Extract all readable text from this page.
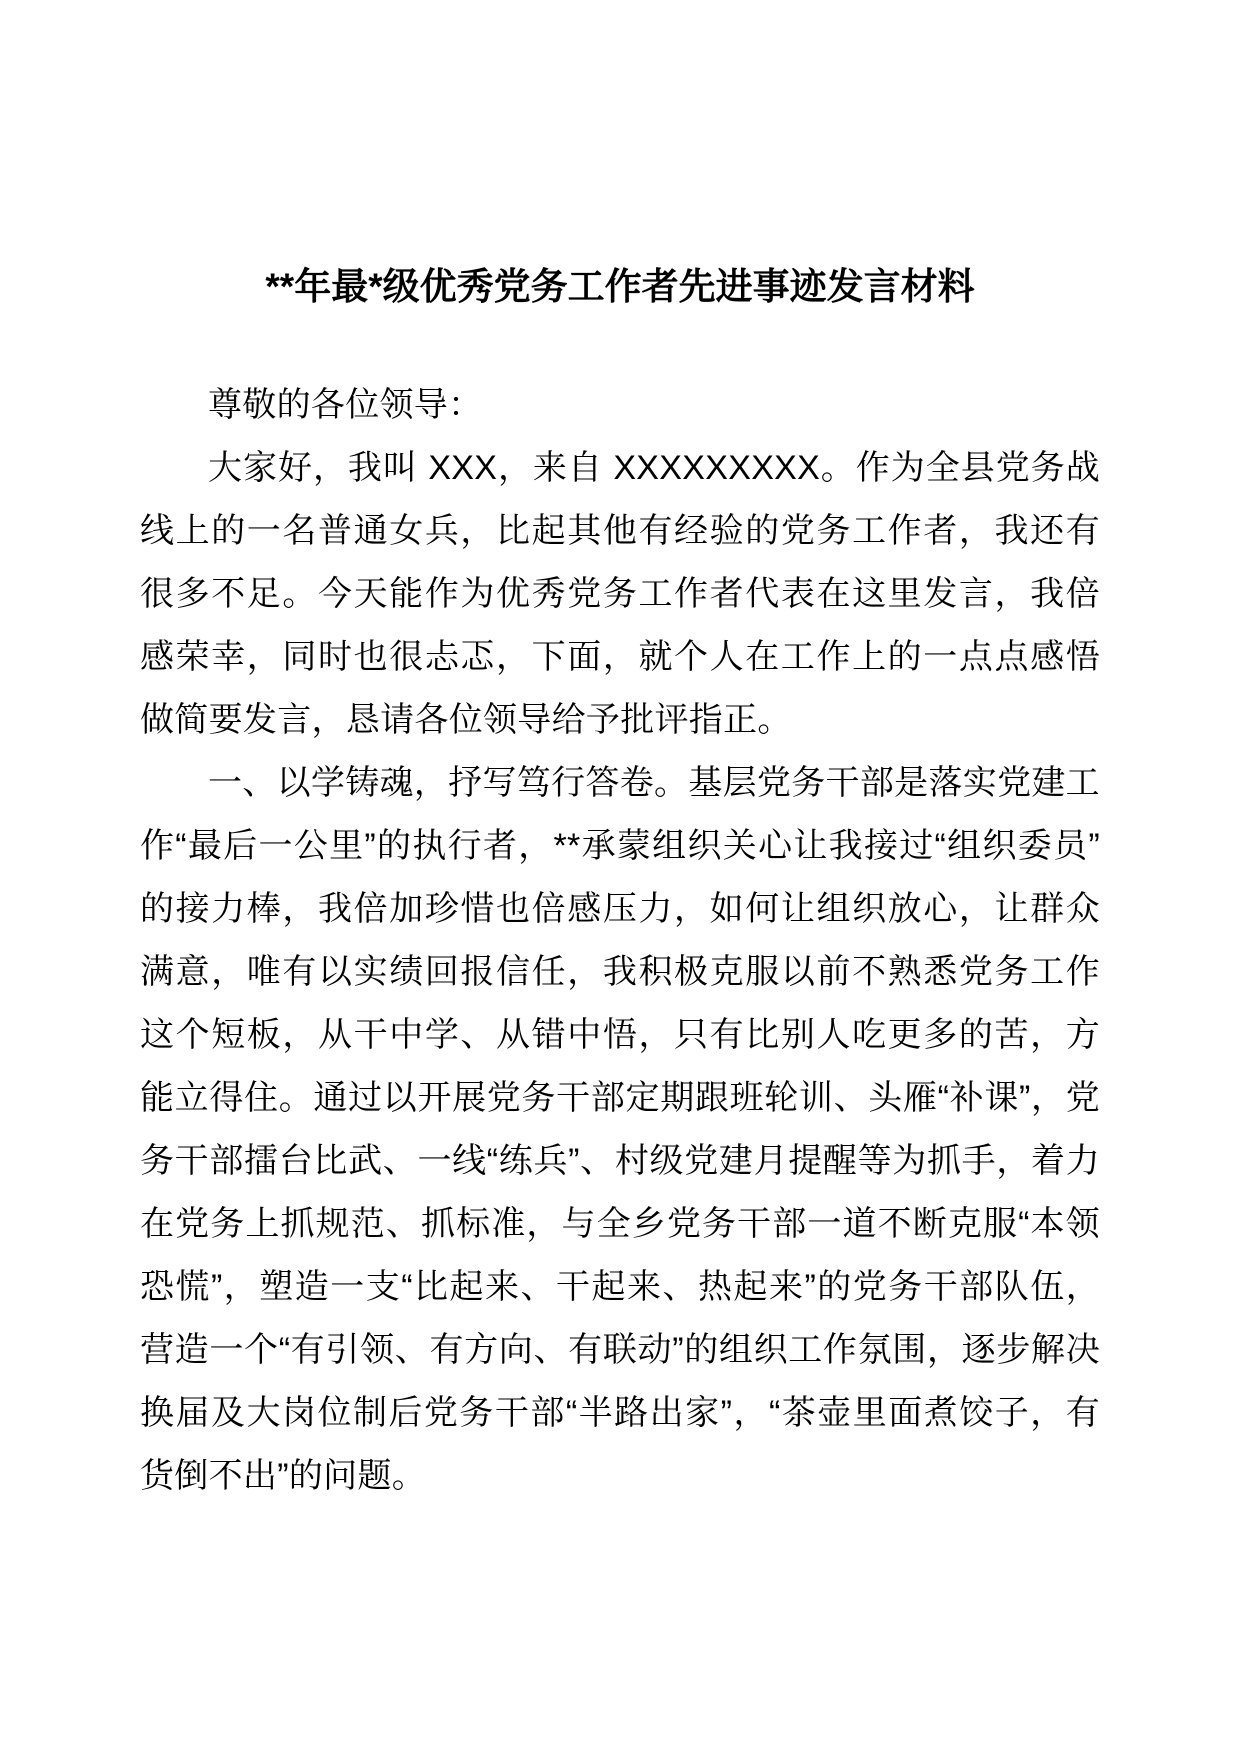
**年最*级优秀党务工作者先进事迹发言材料

尊敬的各位领导：

大家好，我叫 XXX，来自 XXXXXXXXX。作为全县党务战线上的一名普通女兵，比起其他有经验的党务工作者，我还有很多不足。今天能作为优秀党务工作者代表在这里发言，我倍感荣幸，同时也很忐忑，下面，就个人在工作上的一点点感悟做简要发言，恳请各位领导给予批评指正。

一、以学铸魂，抒写笃行答卷。基层党务干部是落实党建工作“最后一公里”的执行者，**承蒙组织关心让我接过“组织委员”的接力棒，我倍加珍惜也倍感压力，如何让组织放心，让群众满意，唯有以实绩回报信任，我积极克服以前不熟悉党务工作这个短板，从干中学、从错中悟，只有比别人吃更多的苦，方能立得住。通过以开展党务干部定期跟班轮训、头雁“补课”，党务干部擂台比武、一线“练兵”、村级党建月提醒等为抓手，着力在党务上抓规范、抓标准，与全乡党务干部一道不断克服“本领恐慌”，塑造一支“比起来、干起来、热起来”的党务干部队伍，营造一个“有引领、有方向、有联动”的组织工作氛围，逐步解决换届及大岗位制后党务干部“半路出家”，“茶壶里面煮饺子，有货倒不出”的问题。
